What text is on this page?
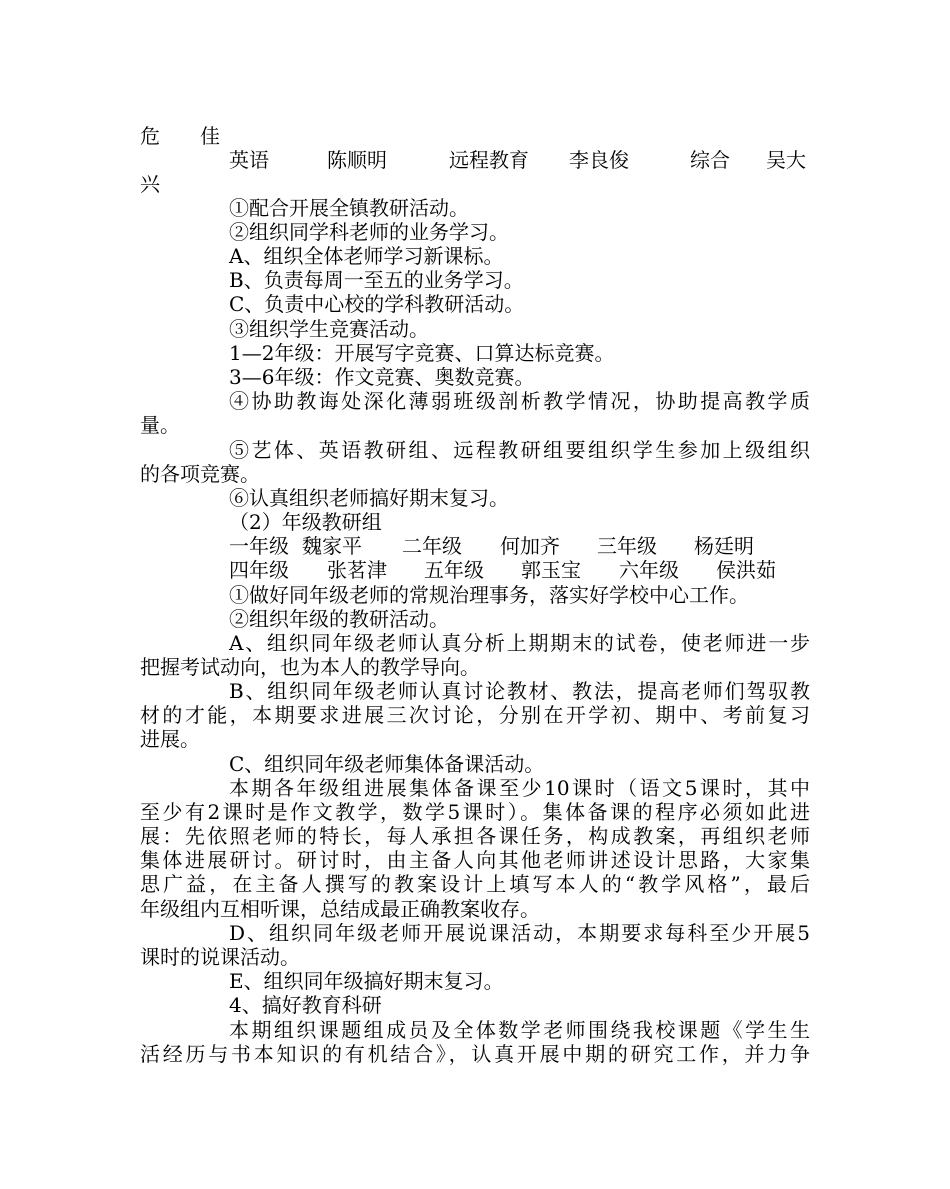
危　　佳
英语	陈顺明	远程教育 李良俊	综合 吴大
兴
①配合开展全镇教研活动。
②组织同学科老师的业务学习。
A、组织全体老师学习新课标。
B、负责每周一至五的业务学习。
C、负责中心校的学科教研活动。
③组织学生竞赛活动。
1—2年级：开展写字竞赛、口算达标竞赛。
3—6年级：作文竞赛、奥数竞赛。
④协助教诲处深化薄弱班级剖析教学情况，协助提高教学质
量。
⑤艺体、英语教研组、远程教研组要组织学生参加上级组织
的各项竞赛。
⑥认真组织老师搞好期末复习。
（2）年级教研组
一年级 魏家平 二年级 何加齐 三年级 杨廷明
四年级 张茗津 五年级 郭玉宝 六年级 侯洪茹
①做好同年级老师的常规治理事务，落实好学校中心工作。
②组织年级的教研活动。
A、组织同年级老师认真分析上期期末的试卷，使老师进一步
把握考试动向，也为本人的教学导向。
B、组织同年级老师认真讨论教材、教法，提高老师们驾驭教
材的才能，本期要求进展三次讨论，分别在开学初、期中、考前复习
进展。
C、组织同年级老师集体备课活动。
本期各年级组进展集体备课至少10课时（语文5课时，其中
至少有2课时是作文教学，数学5课时）。集体备课的程序必须如此进
展：先依照老师的特长，每人承担各课任务，构成教案，再组织老师
集体进展研讨。研讨时，由主备人向其他老师讲述设计思路，大家集
思广益，在主备人撰写的教案设计上填写本人的“教学风格”，最后
年级组内互相听课，总结成最正确教案收存。
D、组织同年级老师开展说课活动，本期要求每科至少开展5
课时的说课活动。
E、组织同年级搞好期末复习。
4、搞好教育科研
本期组织课题组成员及全体数学老师围绕我校课题《学生生
活经历与书本知识的有机结合》，认真开展中期的研究工作，并力争
